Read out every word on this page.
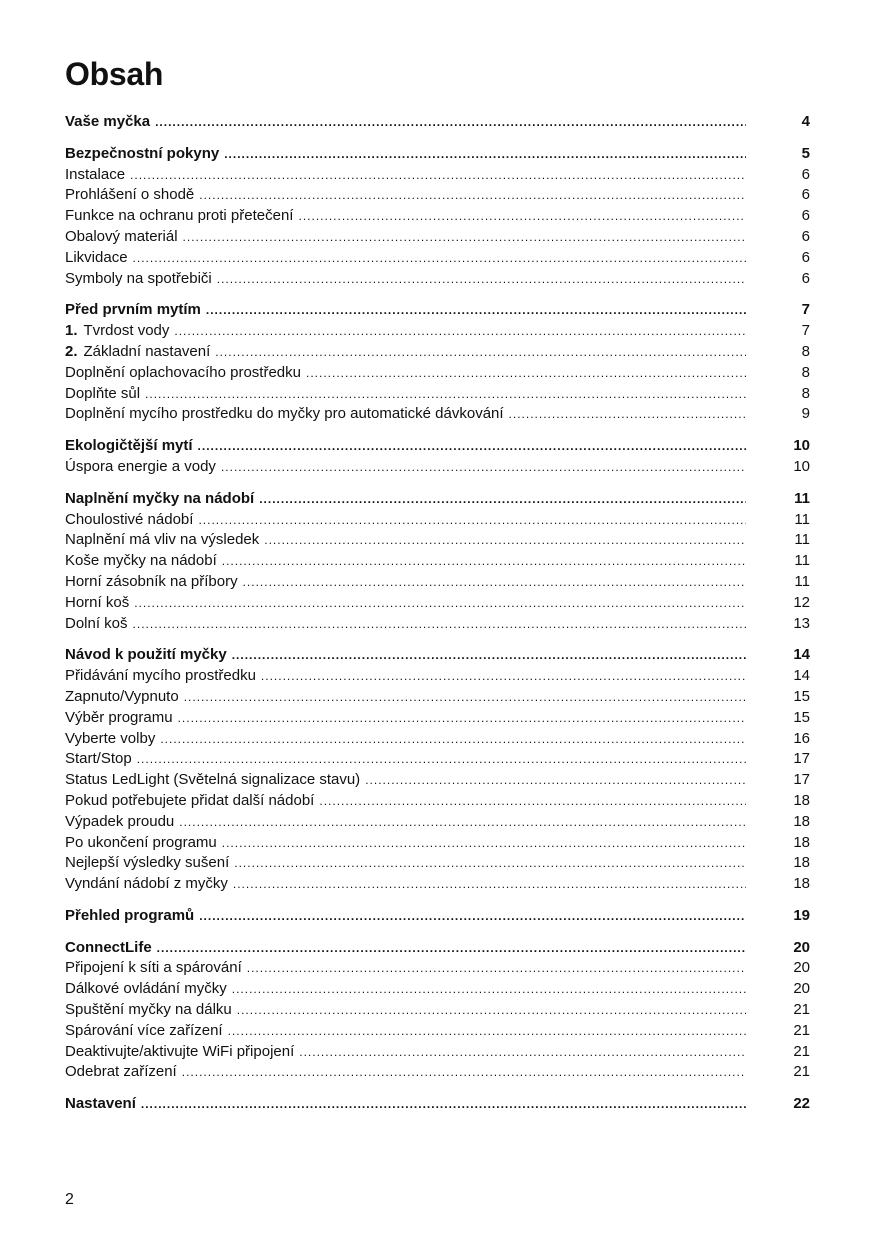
Obsah
Vaše myčka .....	4
Bezpečnostní pokyny .....	5
Instalace .....	6
Prohlášení o shodě .....	6
Funkce na ochranu proti přetečení .....	6
Obalový materiál .....	6
Likvidace .....	6
Symboly na spotřebiči .....	6
Před prvním mytím .....	7
1. Tvrdost vody .....	7
2. Základní nastavení .....	8
Doplnění oplachovacího prostředku .....	8
Doplňte sůl .....	8
Doplnění mycího prostředku do myčky pro automatické dávkování .....	9
Ekologičtější mytí .....	10
Úspora energie a vody .....	10
Naplnění myčky na nádobí .....	11
Choulostivé nádobí .....	11
Naplnění má vliv na výsledek .....	11
Koše myčky na nádobí .....	11
Horní zásobník na příbory .....	11
Horní koš .....	12
Dolní koš .....	13
Návod k použití myčky .....	14
Přidávání mycího prostředku .....	14
Zapnuto/Vypnuto .....	15
Výběr programu .....	15
Vyberte volby .....	16
Start/Stop .....	17
Status LedLight (Světelná signalizace stavu) .....	17
Pokud potřebujete přidat další nádobí .....	18
Výpadek proudu .....	18
Po ukončení programu .....	18
Nejlepší výsledky sušení .....	18
Vyndání nádobí z myčky .....	18
Přehled programů .....	19
ConnectLife .....	20
Připojení k síti a spárování .....	20
Dálkové ovládání myčky .....	20
Spuštění myčky na dálku .....	21
Spárování více zařízení .....	21
Deaktivujte/aktivujte WiFi připojení .....	21
Odebrat zařízení .....	21
Nastavení .....	22
2
